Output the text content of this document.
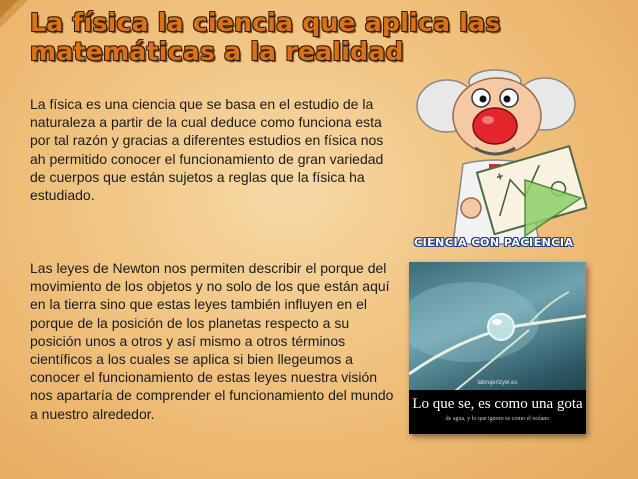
La física la ciencia que aplica las matemáticas a la realidad

La física es una ciencia que se basa en el estudio de la naturaleza a partir de la cual deduce como funciona esta por tal razón y gracias a diferentes estudios en física nos ah permitido conocer el funcionamiento de gran variedad de cuerpos que están sujetos a reglas que la física ha estudiado.

Las leyes de Newton nos permiten describir el porque del movimiento de los objetos y no solo de los que están aquí en la tierra sino que estas leyes también influyen en el porque de la posición de los planetas respecto a su posición unos a otros y así mismo a otros términos científicos a los cuales se aplica si bien llegeumos a conocer el funcionamiento de estas leyes nuestra visión nos apartaría de comprender el funcionamiento del mundo a nuestro alrededor.

CIENCIA CON PACIENCIA
labrujerizyel.es
Lo que se, es como una gota
de agua, y lo que ignoro es como el océano
